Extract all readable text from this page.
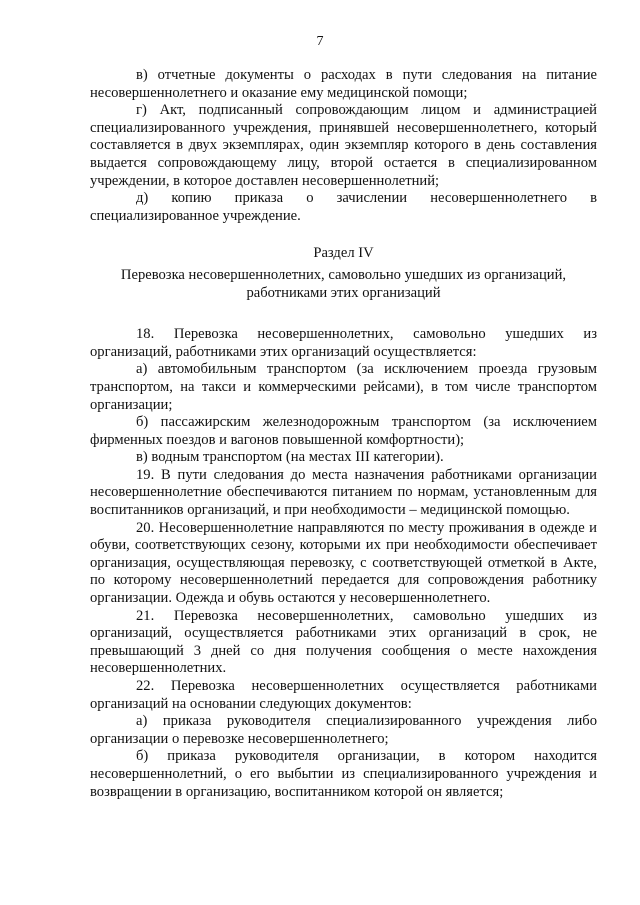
7

в) отчетные документы о расходах в пути следования на питание несовершеннолетнего и оказание ему медицинской помощи;

г) Акт, подписанный сопровождающим лицом и администрацией специализированного учреждения, принявшей несовершеннолетнего, который составляется в двух экземплярах, один экземпляр которого в день составления выдается сопровождающему лицу, второй остается в специализированном учреждении, в которое доставлен несовершеннолетний;

д) копию приказа о зачислении несовершеннолетнего в специализированное учреждение.

Раздел IV
Перевозка несовершеннолетних, самовольно ушедших из организаций, работниками этих организаций

18. Перевозка несовершеннолетних, самовольно ушедших из организаций, работниками этих организаций осуществляется:

а) автомобильным транспортом (за исключением проезда грузовым транспортом, на такси и коммерческими рейсами), в том числе транспортом организации;

б) пассажирским железнодорожным транспортом (за исключением фирменных поездов и вагонов повышенной комфортности);

в) водным транспортом (на местах III категории).

19. В пути следования до места назначения работниками организации несовершеннолетние обеспечиваются питанием по нормам, установленным для воспитанников организаций, и при необходимости – медицинской помощью.

20. Несовершеннолетние направляются по месту проживания в одежде и обуви, соответствующих сезону, которыми их при необходимости обеспечивает организация, осуществляющая перевозку, с соответствующей отметкой в Акте, по которому несовершеннолетний передается для сопровождения работнику организации. Одежда и обувь остаются у несовершеннолетнего.

21. Перевозка несовершеннолетних, самовольно ушедших из организаций, осуществляется работниками этих организаций в срок, не превышающий 3 дней со дня получения сообщения о месте нахождения несовершеннолетних.

22. Перевозка несовершеннолетних осуществляется работниками организаций на основании следующих документов:

а) приказа руководителя специализированного учреждения либо организации о перевозке несовершеннолетнего;

б) приказа руководителя организации, в котором находится несовершеннолетний, о его выбытии из специализированного учреждения и возвращении в организацию, воспитанником которой он является;
